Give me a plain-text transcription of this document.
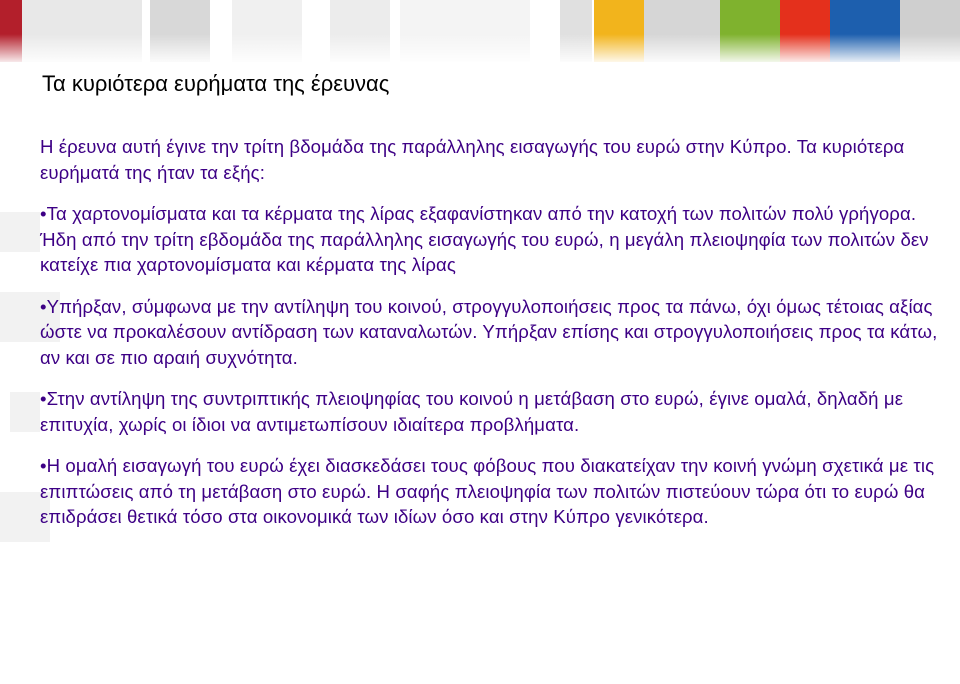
Τα κυριότερα ευρήματα της έρευνας

Η έρευνα αυτή έγινε την τρίτη βδομάδα της παράλληλης εισαγωγής του ευρώ στην Κύπρο. Τα κυριότερα ευρήματά της ήταν τα εξής:

•Τα χαρτονομίσματα και τα κέρματα της λίρας εξαφανίστηκαν από την κατοχή των πολιτών πολύ γρήγορα. Ήδη από την τρίτη εβδομάδα της παράλληλης εισαγωγής του ευρώ, η μεγάλη πλειοψηφία των πολιτών δεν κατείχε πια χαρτονομίσματα και κέρματα της λίρας

•Υπήρξαν, σύμφωνα με την αντίληψη του κοινού, στρογγυλοποιήσεις προς τα πάνω, όχι όμως τέτοιας αξίας ώστε να προκαλέσουν αντίδραση των καταναλωτών. Υπήρξαν επίσης και στρογγυλοποιήσεις προς τα κάτω, αν και σε πιο αραιή συχνότητα.

•Στην αντίληψη της συντριπτικής πλειοψηφίας του κοινού η μετάβαση στο ευρώ, έγινε ομαλά, δηλαδή με επιτυχία, χωρίς οι ίδιοι να αντιμετωπίσουν ιδιαίτερα προβλήματα.

•Η ομαλή εισαγωγή του ευρώ έχει διασκεδάσει τους φόβους που διακατείχαν την κοινή γνώμη σχετικά με τις επιπτώσεις από τη μετάβαση στο ευρώ. Η σαφής πλειοψηφία των πολιτών πιστεύουν τώρα ότι το ευρώ θα επιδράσει θετικά τόσο στα οικονομικά των ιδίων όσο και στην Κύπρο γενικότερα.
